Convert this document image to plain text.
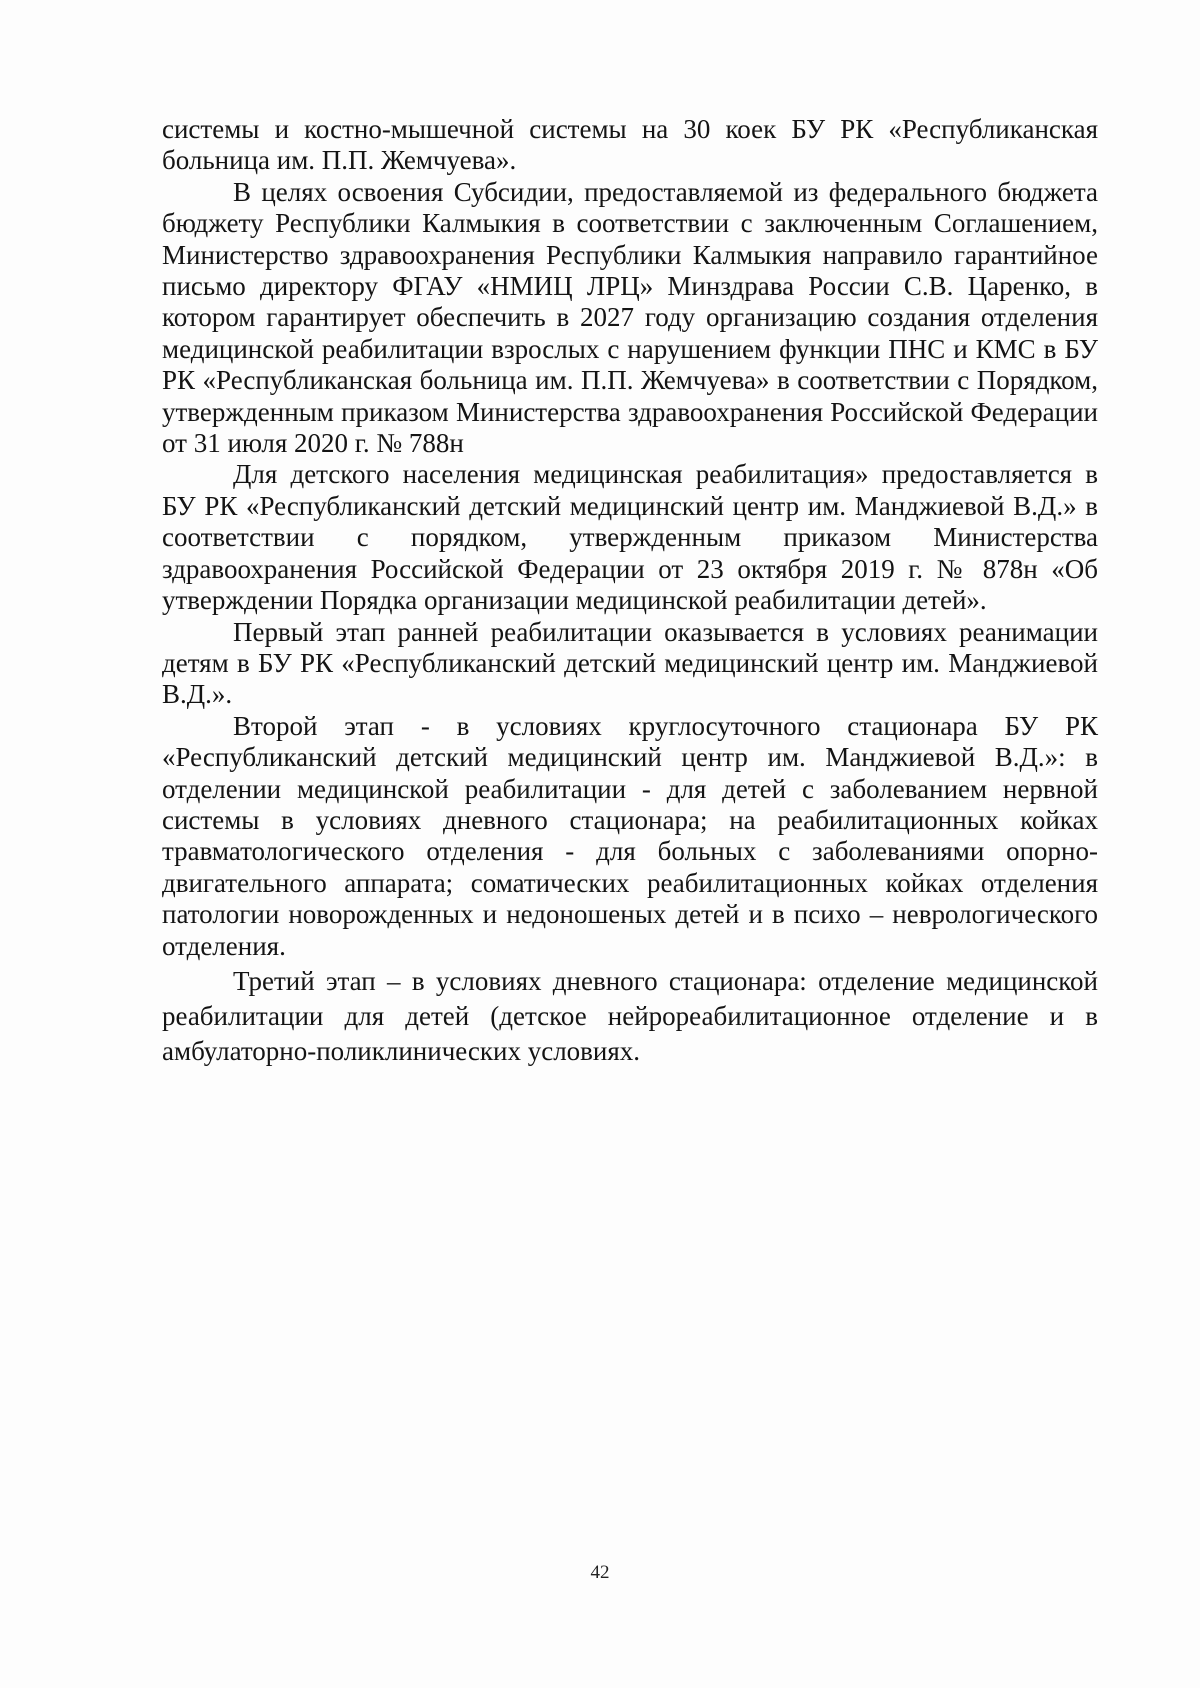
системы и костно-мышечной системы на 30 коек БУ РК «Республиканская больница им. П.П. Жемчуева».

В целях освоения Субсидии, предоставляемой из федерального бюджета бюджету Республики Калмыкия в соответствии с заключенным Соглашением, Министерство здравоохранения Республики Калмыкия направило гарантийное письмо директору ФГАУ «НМИЦ ЛРЦ» Минздрава России С.В. Царенко, в котором гарантирует обеспечить в 2027 году организацию создания отделения медицинской реабилитации взрослых с нарушением функции ПНС и КМС в БУ РК «Республиканская больница им. П.П. Жемчуева» в соответствии с Порядком, утвержденным приказом Министерства здравоохранения Российской Федерации от 31 июля 2020 г. № 788н

Для детского населения медицинская реабилитация» предоставляется в БУ РК «Республиканский детский медицинский центр им. Манджиевой В.Д.» в соответствии с порядком, утвержденным приказом Министерства здравоохранения Российской Федерации от 23 октября 2019 г. № 878н «Об утверждении Порядка организации медицинской реабилитации детей».

Первый этап ранней реабилитации оказывается в условиях реанимации детям в БУ РК «Республиканский детский медицинский центр им. Манджиевой В.Д.».

Второй этап - в условиях круглосуточного стационара БУ РК «Республиканский детский медицинский центр им. Манджиевой В.Д.»: в отделении медицинской реабилитации - для детей с заболеванием нервной системы в условиях дневного стационара; на реабилитационных койках травматологического отделения - для больных с заболеваниями опорно-двигательного аппарата; соматических реабилитационных койках отделения патологии новорожденных и недоношеных детей и в психо – неврологического отделения.

Третий этап – в условиях дневного стационара: отделение медицинской реабилитации для детей (детское нейрореабилитационное отделение и в амбулаторно-поликлинических условиях.

42
